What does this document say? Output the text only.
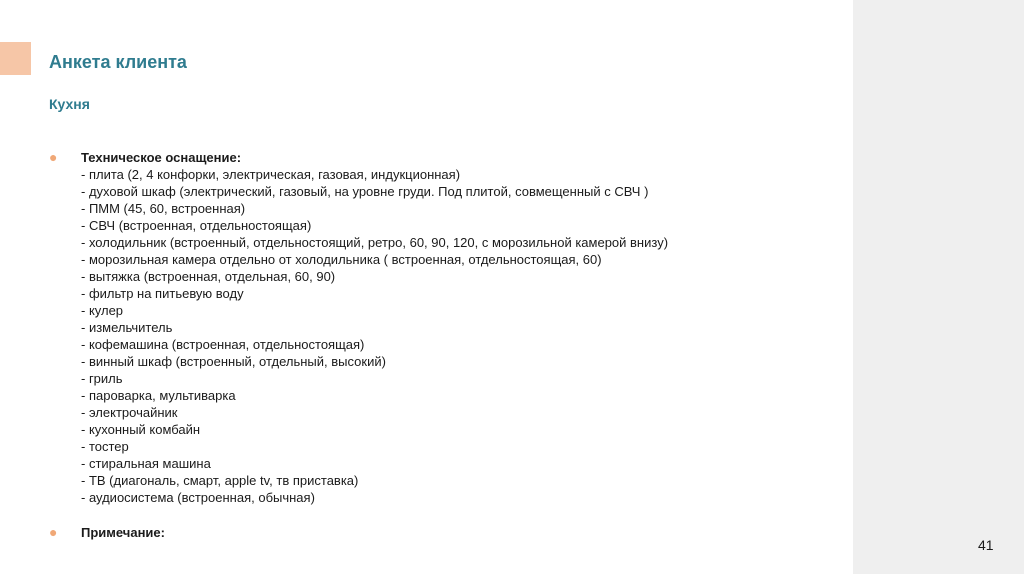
Анкета клиента
Кухня
● Техническое оснащение:
- плита (2, 4 конфорки, электрическая, газовая, индукционная)
- духовой шкаф (электрический, газовый, на уровне груди. Под плитой, совмещенный с СВЧ )
- ПММ (45, 60, встроенная)
- СВЧ (встроенная, отдельностоящая)
- холодильник (встроенный, отдельностоящий, ретро, 60, 90, 120, с морозильной камерой внизу)
- морозильная камера отдельно от холодильника ( встроенная, отдельностоящая, 60)
- вытяжка (встроенная, отдельная, 60, 90)
- фильтр на питьевую воду
- кулер
- измельчитель
- кофемашина (встроенная, отдельностоящая)
- винный шкаф (встроенный, отдельный, высокий)
- гриль
- пароварка, мультиварка
- электрочайник
- кухонный комбайн
- тостер
- стиральная машина
- ТВ (диагональ, смарт, apple tv, тв приставка)
- аудиосистема (встроенная, обычная)
● Примечание:
41
